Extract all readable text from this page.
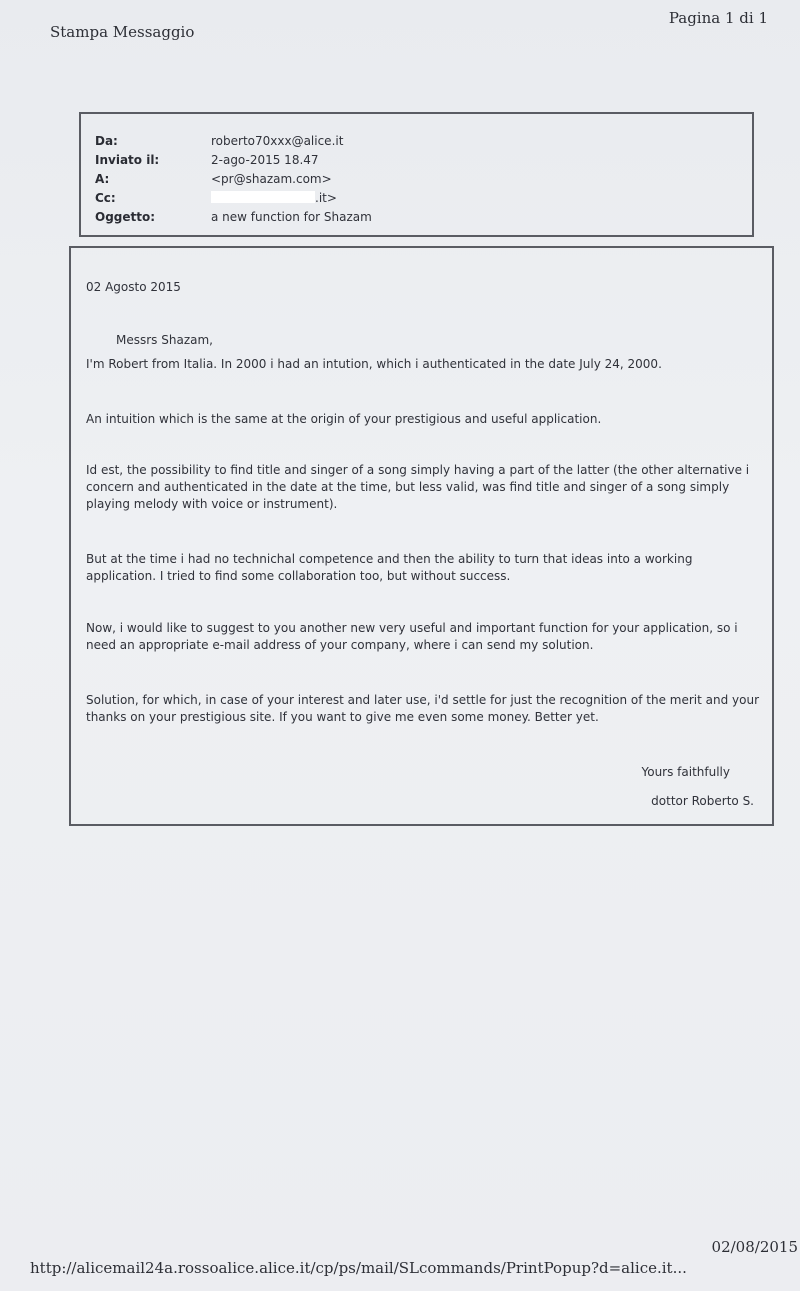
Stampa Messaggio
Pagina 1 di 1
Da:	roberto70xxx@alice.it
Inviato il:	2-ago-2015 18.47
A:	<pr@shazam.com>
Cc:	.it>
Oggetto:	a new function for Shazam
02 Agosto 2015
Messrs Shazam,
I'm Robert from Italia. In 2000 i had an intution, which i authenticated in the date July 24, 2000.
An intuition which is the same at the origin of your prestigious and useful application.
Id est, the possibility to find title and singer of a song simply having a part of the latter (the other alternative i concern and authenticated in the date at the time, but less valid, was find title and singer of a song simply playing melody with voice or instrument).
But at the time i had no technichal competence and then the ability to turn that ideas into a working application. I tried to find some collaboration too, but without success.
Now, i would like to suggest to you another new very useful and important function for your application, so i need an appropriate e-mail address of your company, where i can send my solution.
Solution, for which, in case of your interest and later use, i'd settle for just the recognition of the merit and your thanks on your prestigious site. If you want to give me even some money. Better yet.
Yours faithfully
dottor Roberto S.
http://alicemail24a.rossoalice.alice.it/cp/ps/mail/SLcommands/PrintPopup?d=alice.it...
02/08/2015
